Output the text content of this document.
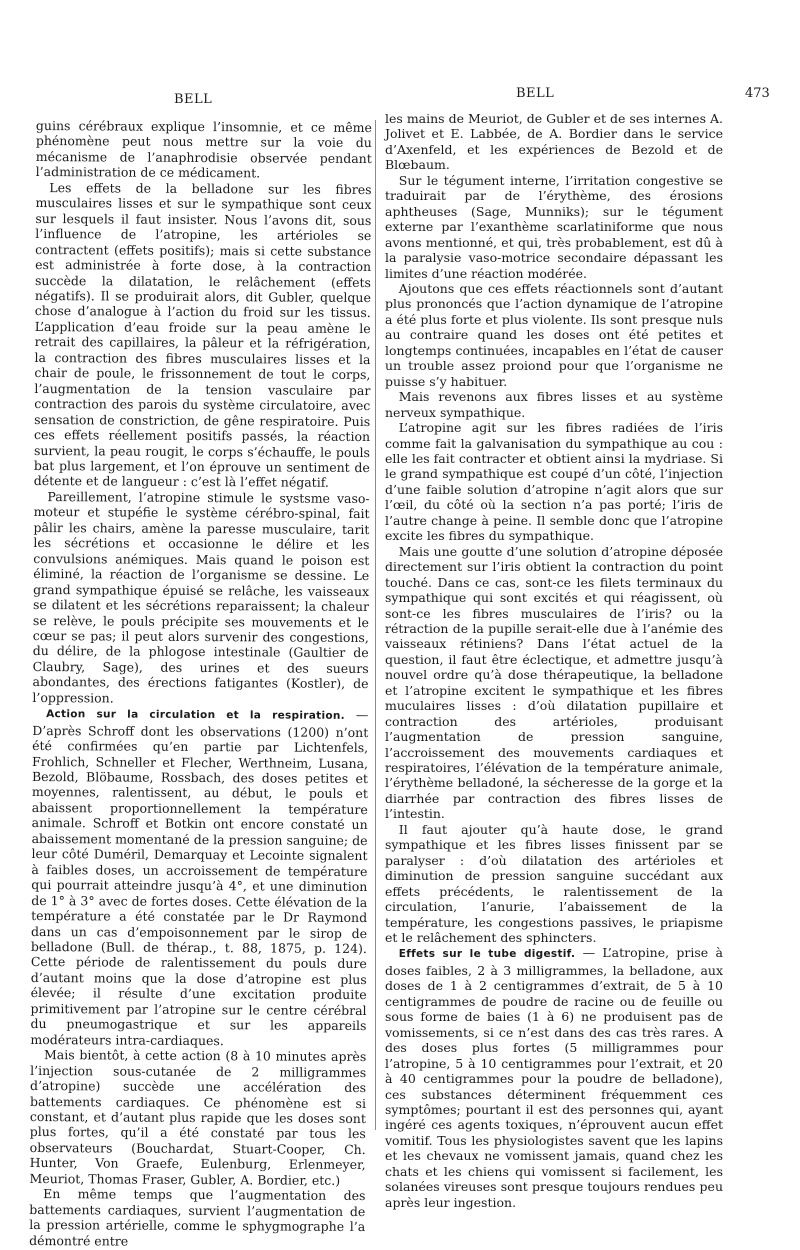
BELL	BELL	473

guins cérébraux explique l’insomnie, et ce même phénomène peut nous mettre sur la voie du mécanisme de l’anaphrodisie observée pendant l’administration de ce médicament.

Les effets de la belladone sur les fibres musculaires lisses et sur le sympathique sont ceux sur lesquels il faut insister. Nous l’avons dit, sous l’influence de l’atropine, les artérioles se contractent (effets positifs); mais si cette substance est administrée à forte dose, à la contraction succède la dilatation, le relâchement (effets négatifs). Il se produirait alors, dit Gubler, quelque chose d’analogue à l’action du froid sur les tissus. L’application d’eau froide sur la peau amène le retrait des capillaires, la pâleur et la réfrigération, la contraction des fibres musculaires lisses et la chair de poule, le frissonnement de tout le corps, l’augmentation de la tension vasculaire par contraction des parois du système circulatoire, avec sensation de constriction, de gêne respiratoire. Puis ces effets réellement positifs passés, la réaction survient, la peau rougit, le corps s’échauffe, le pouls bat plus largement, et l’on éprouve un sentiment de détente et de langueur : c’est là l’effet négatif.

Pareillement, l’atropine stimule le systsme vaso-moteur et stupéfie le système cérébro-spinal, fait pâlir les chairs, amène la paresse musculaire, tarit les sécrétions et occasionne le délire et les convulsions anémiques. Mais quand le poison est éliminé, la réaction de l’organisme se dessine. Le grand sympathique épuisé se relâche, les vaisseaux se dilatent et les sécrétions reparaissent; la chaleur se relève, le pouls précipite ses mouvements et le cœur se pas; il peut alors survenir des congestions, du délire, de la phlogose intestinale (Gaultier de Claubry, Sage), des urines et des sueurs abondantes, des érections fatigantes (Kostler), de l’oppression.

Action sur la circulation et la respiration. — D’après Schroff dont les observations (1200) n’ont été confirmées qu’en partie par Lichtenfels, Frohlich, Schneller et Flecher, Werthneim, Lusana, Bezold, Blöbaume, Rossbach, des doses petites et moyennes, ralentissent, au début, le pouls et abaissent proportionnellement la température animale. Schroff et Botkin ont encore constaté un abaissement momentané de la pression sanguine; de leur côté Duméril, Demarquay et Lecointe signalent à faibles doses, un accroissement de température qui pourrait atteindre jusqu’à 4°, et une diminution de 1° à 3° avec de fortes doses. Cette élévation de la température a été constatée par le Dr Raymond dans un cas d’empoisonnement par le sirop de belladone (Bull. de thérap., t. 88, 1875, p. 124). Cette période de ralentissement du pouls dure d’autant moins que la dose d’atropine est plus élevée; il résulte d’une excitation produite primitivement par l’atropine sur le centre cérébral du pneumogastrique et sur les appareils modérateurs intra-cardiaques.

Mais bientôt, à cette action (8 à 10 minutes après l’injection sous-cutanée de 2 milligrammes d’atropine) succède une accélération des battements cardiaques. Ce phénomène est si constant, et d’autant plus rapide que les doses sont plus fortes, qu’il a été constaté par tous les observateurs (Bouchardat, Stuart-Cooper, Ch. Hunter, Von Graefe, Eulenburg, Erlenmeyer, Meuriot, Thomas Fraser, Gubler, A. Bordier, etc.)

En même temps que l’augmentation des battements cardiaques, survient l’augmentation de la pression artérielle, comme le sphygmographe l’a démontré entre

les mains de Meuriot, de Gubler et de ses internes A. Jolivet et E. Labbée, de A. Bordier dans le service d’Axenfeld, et les expériences de Bezold et de Blœbaum.

Sur le tégument interne, l’irritation congestive se traduirait par de l’érythème, des érosions aphtheuses (Sage, Munniks); sur le tégument externe par l’exanthème scarlatiniforme que nous avons mentionné, et qui, très probablement, est dû à la paralysie vaso-motrice secondaire dépassant les limites d’une réaction modérée.

Ajoutons que ces effets réactionnels sont d’autant plus prononcés que l’action dynamique de l’atropine a été plus forte et plus violente. Ils sont presque nuls au contraire quand les doses ont été petites et longtemps continuées, incapables en l’état de causer un trouble assez proiond pour que l’organisme ne puisse s’y habituer.

Mais revenons aux fibres lisses et au système nerveux sympathique.

L’atropine agit sur les fibres radiées de l’iris comme fait la galvanisation du sympathique au cou : elle les fait contracter et obtient ainsi la mydriase. Si le grand sympathique est coupé d’un côté, l’injection d’une faible solution d’atropine n’agit alors que sur l’œil, du côté où la section n’a pas porté; l’iris de l’autre change à peine. Il semble donc que l’atropine excite les fibres du sympathique.

Mais une goutte d’une solution d’atropine déposée directement sur l’iris obtient la contraction du point touché. Dans ce cas, sont-ce les filets terminaux du sympathique qui sont excités et qui réagissent, où sont-ce les fibres musculaires de l’iris? ou la rétraction de la pupille serait-elle due à l’anémie des vaisseaux rétiniens? Dans l’état actuel de la question, il faut être éclectique, et admettre jusqu’à nouvel ordre qu’à dose thérapeutique, la belladone et l’atropine excitent le sympathique et les fibres muculaires lisses : d’où dilatation pupillaire et contraction des artérioles, produisant l’augmentation de pression sanguine, l’accroissement des mouvements cardiaques et respiratoires, l’élévation de la température animale, l’érythème belladoné, la sécheresse de la gorge et la diarrhée par contraction des fibres lisses de l’intestin.

Il faut ajouter qu’à haute dose, le grand sympathique et les fibres lisses finissent par se paralyser : d’où dilatation des artérioles et diminution de pression sanguine succédant aux effets précédents, le ralentissement de la circulation, l’anurie, l’abaissement de la température, les congestions passives, le priapisme et le relâchement des sphincters.

Effets sur le tube digestif. — L’atropine, prise à doses faibles, 2 à 3 milligrammes, la belladone, aux doses de 1 à 2 centigrammes d’extrait, de 5 à 10 centigrammes de poudre de racine ou de feuille ou sous forme de baies (1 à 6) ne produisent pas de vomissements, si ce n’est dans des cas très rares. A des doses plus fortes (5 milligrammes pour l’atropine, 5 à 10 centigrammes pour l’extrait, et 20 à 40 centigrammes pour la poudre de belladone), ces substances déterminent fréquemment ces symptômes; pourtant il est des personnes qui, ayant ingéré ces agents toxiques, n’éprouvent aucun effet vomitif. Tous les physiologistes savent que les lapins et les chevaux ne vomissent jamais, quand chez les chats et les chiens qui vomissent si facilement, les solanées vireuses sont presque toujours rendues peu après leur ingestion.
